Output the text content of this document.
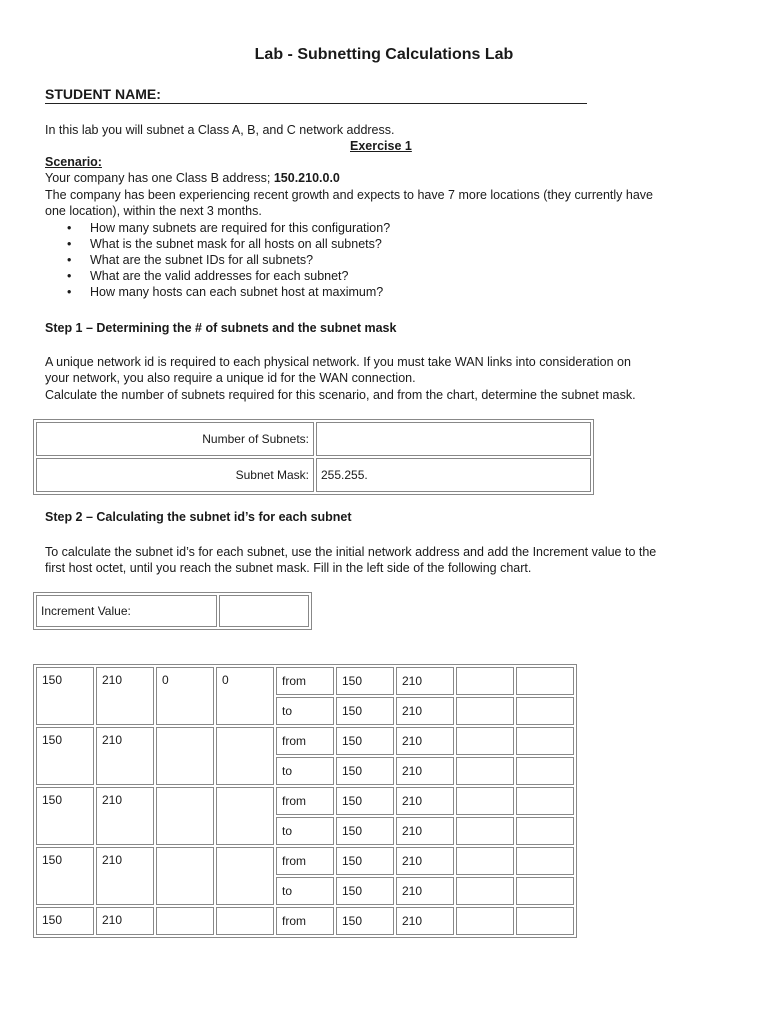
Lab - Subnetting Calculations Lab
STUDENT NAME:
In this lab you will subnet a Class A, B, and C network address.
Exercise 1
Scenario:
Your company has one Class B address; 150.210.0.0
The company has been experiencing recent growth and expects to have 7 more locations (they currently have
one location), within the next 3 months.
• How many subnets are required for this configuration?
• What is the subnet mask for all hosts on all subnets?
• What are the subnet IDs for all subnets?
• What are the valid addresses for each subnet?
• How many hosts can each subnet host at maximum?
Step 1 – Determining the # of subnets and the subnet mask
A unique network id is required to each physical network. If you must take WAN links into consideration on
your network, you also require a unique id for the WAN connection.
Calculate the number of subnets required for this scenario, and from the chart, determine the subnet mask.
Number of Subnets:	
Subnet Mask:	255.255.
Step 2 – Calculating the subnet id’s for each subnet
To calculate the subnet id’s for each subnet, use the initial network address and add the Increment value to the
first host octet, until you reach the subnet mask. Fill in the left side of the following chart.
Increment Value:	
150	210	0	0	from	150	210		
				to	150	210		
150	210			from	150	210		
				to	150	210		
150	210			from	150	210		
				to	150	210		
150	210			from	150	210		
				to	150	210		
150	210			from	150	210		
